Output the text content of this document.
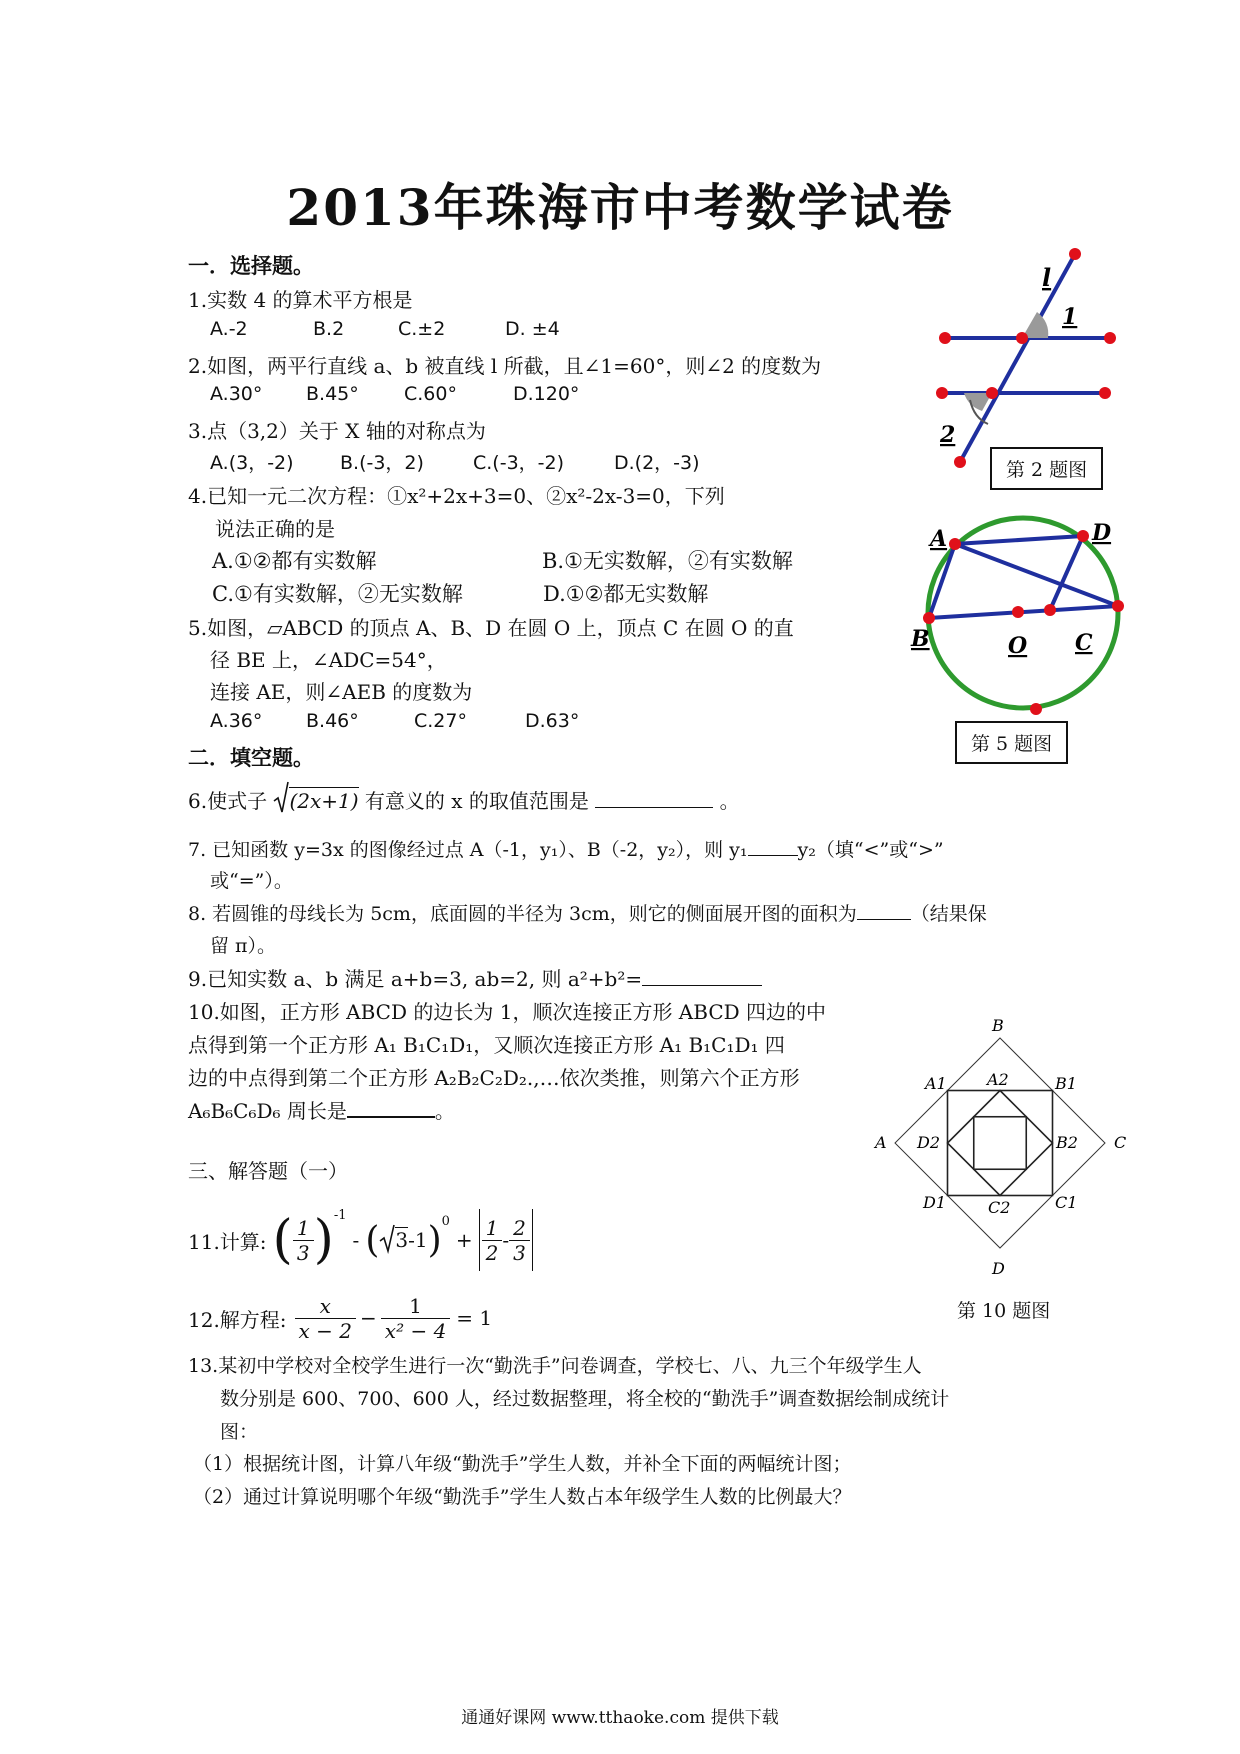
2013年珠海市中考数学试卷
一．选择题。
1.实数 4 的算术平方根是
A.-2	B.2	C.±2	D. ±4
2.如图，两平行直线 a、b 被直线 l 所截，且∠1=60°，则∠2 的度数为
A.30° B.45° C.60°	D.120°
3.点（3,2）关于 X 轴的对称点为
A.(3，-2) B.(-3，2)	C.(-3，-2)	D.(2，-3)
4.已知一元二次方程：①x²+2x+3=0、②x²-2x-3=0，下列
说法正确的是
A.①②都有实数解	B.①无实数解，②有实数解
C.①有实数解，②无实数解	D.①②都无实数解
5.如图，▱ABCD 的顶点 A、B、D 在圆 O 上，顶点 C 在圆 O 的直
径 BE 上，∠ADC=54°，
连接 AE，则∠AEB 的度数为
A.36° B.46°	C.27°	D.63°
二．填空题。
6.使式子 (2x+1) 有意义的 x 的取值范围是	。
7. 已知函数 y=3x 的图像经过点 A（-1，y₁）、B（-2，y₂），则 y₁	y₂（填“<”或“>”
或“=”）。
8. 若圆锥的母线长为 5cm，底面圆的半径为 3cm，则它的侧面展开图的面积为	（结果保
留 π）。
9.已知实数 a、b 满足 a+b=3, ab=2, 则 a²+b²=
10.如图，正方形 ABCD 的边长为 1，顺次连接正方形 ABCD 四边的中
点得到第一个正方形 A₁ B₁C₁D₁，又顺次连接正方形 A₁ B₁C₁D₁ 四
边的中点得到第二个正方形 A₂B₂C₂D₂.,…依次类推，则第六个正方形
A₆B₆C₆D₆ 周长是	。
三、解答题（一）
11.计算: ( $\frac{1}{3}$ ) -1
- ( 3 -1 ) 0
+ $\frac{1}{2} - \frac{2}{3}$
12.解方程: $\frac{x}{x - 2} - \frac{1}{\text{x² − 4}} = 1$
13.某初中学校对全校学生进行一次“勤洗手”问卷调查，学校七、八、九三个年级学生人
数分别是 600、700、600 人，经过数据整理，将全校的“勤洗手”调查数据绘制成统计
图：
（1）根据统计图，计算八年级“勤洗手”学生人数，并补全下面的两幅统计图；
（2）通过计算说明哪个年级“勤洗手”学生人数占本年级学生人数的比例最大？
l
1
2
第 2 题图
A	D
B	O C
第 5 题图
B
A	C
D
A1	B1
C1
D1
A2
B2
C2
D2
第 10 题图
通通好课网 www.tthaoke.com 提供下载
